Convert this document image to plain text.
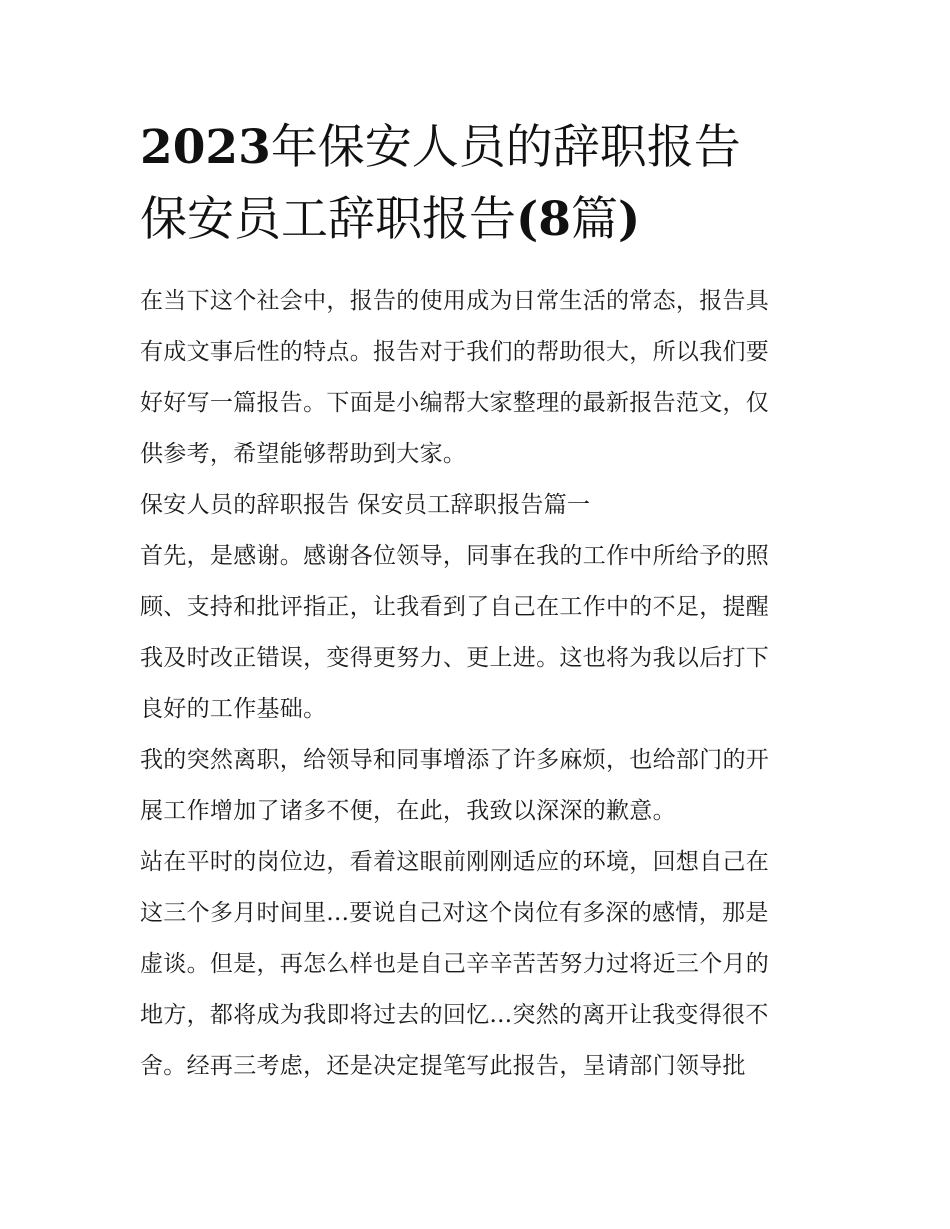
2023年保安人员的辞职报告
保安员工辞职报告(8篇)

在当下这个社会中，报告的使用成为日常生活的常态，报告具
有成文事后性的特点。报告对于我们的帮助很大，所以我们要
好好写一篇报告。下面是小编帮大家整理的最新报告范文，仅
供参考，希望能够帮助到大家。

保安人员的辞职报告 保安员工辞职报告篇一

首先，是感谢。感谢各位领导，同事在我的工作中所给予的照
顾、支持和批评指正，让我看到了自己在工作中的不足，提醒
我及时改正错误，变得更努力、更上进。这也将为我以后打下
良好的工作基础。

我的突然离职，给领导和同事增添了许多麻烦，也给部门的开
展工作增加了诸多不便，在此，我致以深深的歉意。

站在平时的岗位边，看着这眼前刚刚适应的环境，回想自己在
这三个多月时间里...要说自己对这个岗位有多深的感情，那是
虚谈。但是，再怎么样也是自己辛辛苦苦努力过将近三个月的
地方，都将成为我即将过去的回忆...突然的离开让我变得很不
舍。经再三考虑，还是决定提笔写此报告，呈请部门领导批
